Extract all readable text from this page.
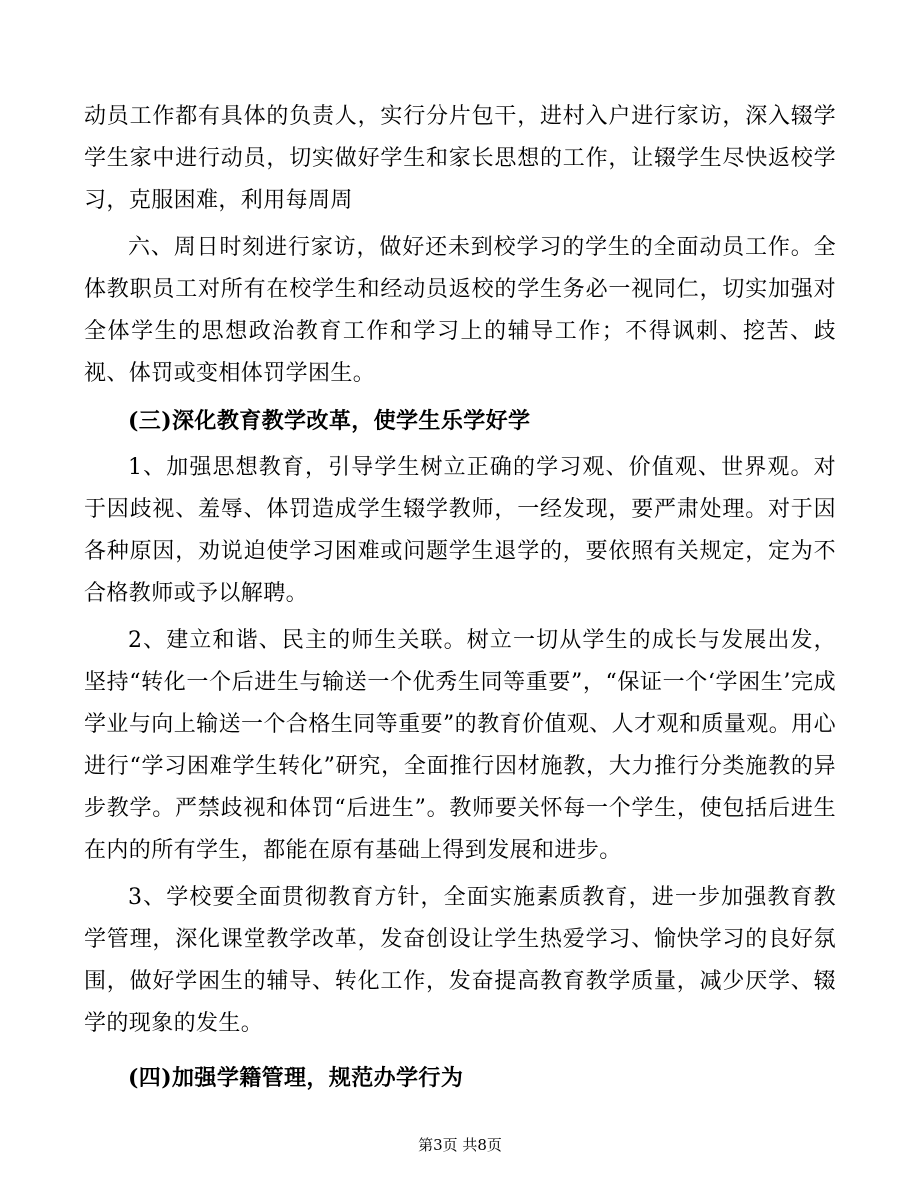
动员工作都有具体的负责人，实行分片包干，进村入户进行家访，深入辍学学生家中进行动员，切实做好学生和家长思想的工作，让辍学生尽快返校学习，克服困难，利用每周周

六、周日时刻进行家访，做好还未到校学习的学生的全面动员工作。全体教职员工对所有在校学生和经动员返校的学生务必一视同仁，切实加强对全体学生的思想政治教育工作和学习上的辅导工作；不得讽刺、挖苦、歧视、体罚或变相体罚学困生。

(三)深化教育教学改革，使学生乐学好学

1、加强思想教育，引导学生树立正确的学习观、价值观、世界观。对于因歧视、羞辱、体罚造成学生辍学教师，一经发现，要严肃处理。对于因各种原因，劝说迫使学习困难或问题学生退学的，要依照有关规定，定为不合格教师或予以解聘。

2、建立和谐、民主的师生关联。树立一切从学生的成长与发展出发，坚持“转化一个后进生与输送一个优秀生同等重要”，“保证一个‘学困生’完成学业与向上输送一个合格生同等重要”的教育价值观、人才观和质量观。用心进行“学习困难学生转化”研究，全面推行因材施教，大力推行分类施教的异步教学。严禁歧视和体罚“后进生”。教师要关怀每一个学生，使包括后进生在内的所有学生，都能在原有基础上得到发展和进步。

3、学校要全面贯彻教育方针，全面实施素质教育，进一步加强教育教学管理，深化课堂教学改革，发奋创设让学生热爱学习、愉快学习的良好氛围，做好学困生的辅导、转化工作，发奋提高教育教学质量，减少厌学、辍学的现象的发生。

(四)加强学籍管理，规范办学行为

第3页 共8页
